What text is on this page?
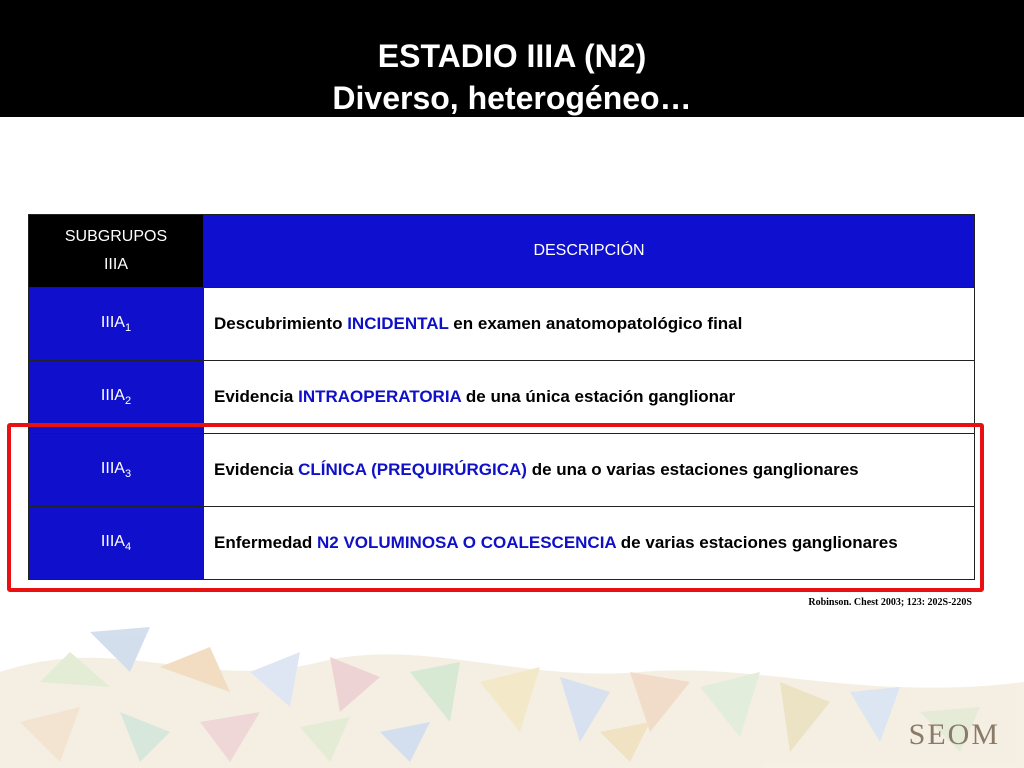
ESTADIO IIIA (N2)
Diverso, heterogéneo…
SUBGRUPOS
IIIA	DESCRIPCIÓN
$IIIA_1$	Descubrimiento INCIDENTAL en examen anatomopatológico final
$IIIA_2$	Evidencia INTRAOPERATORIA de una única estación ganglionar
$IIIA_3$	Evidencia CLÍNICA (PREQUIRÚRGICA) de una o varias estaciones ganglionares
$IIIA_4$	Enfermedad N2 VOLUMINOSA O COALESCENCIA de varias estaciones ganglionares
Robinson. Chest 2003; 123: 202S-220S
SEOM
